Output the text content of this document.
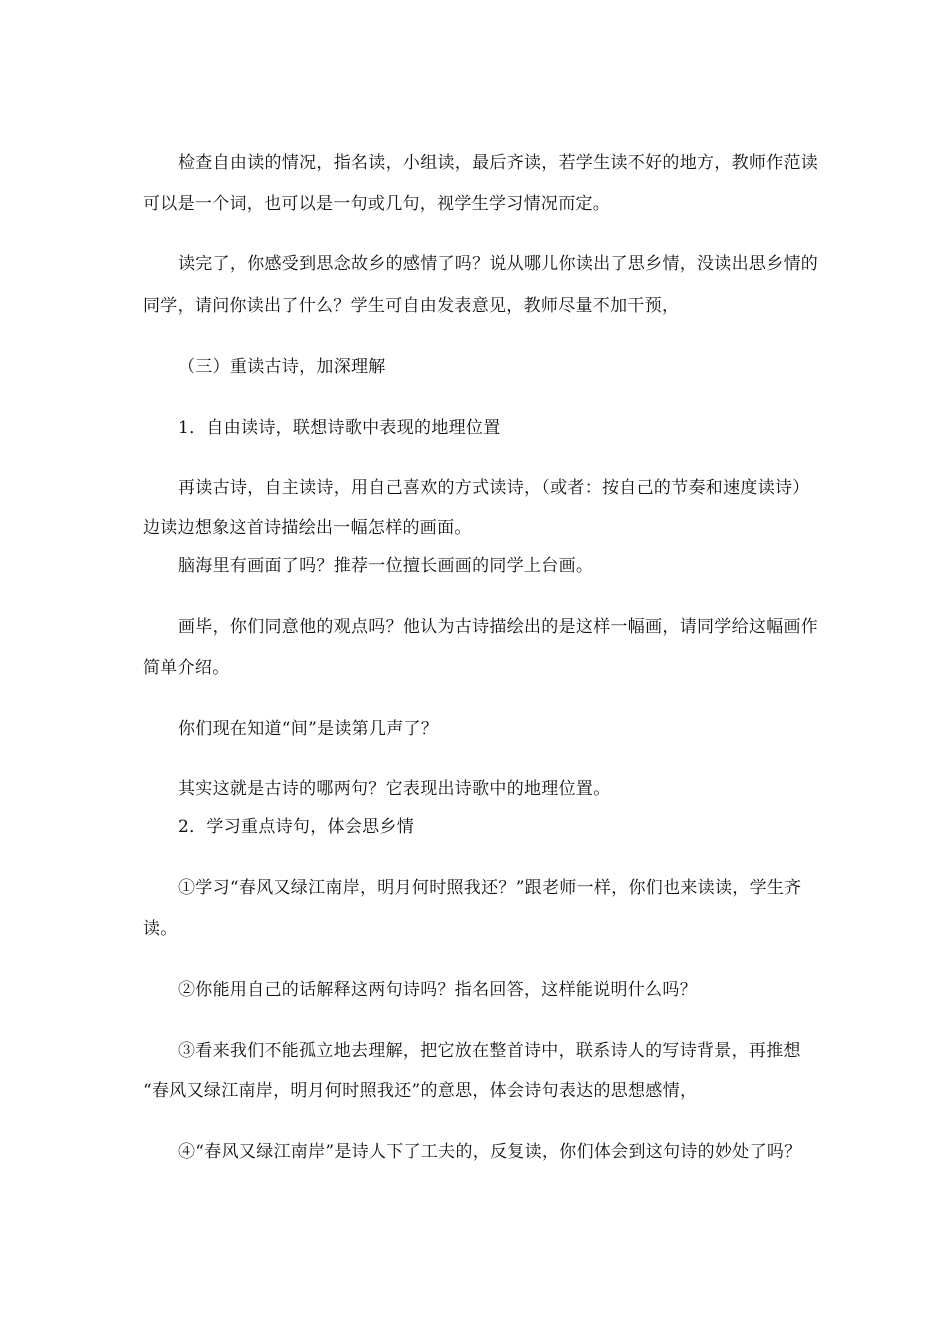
检查自由读的情况，指名读，小组读，最后齐读，若学生读不好的地方，教师作范读
可以是一个词，也可以是一句或几句，视学生学习情况而定。
读完了，你感受到思念故乡的感情了吗？说从哪儿你读出了思乡情，没读出思乡情的
同学，请问你读出了什么？学生可自由发表意见，教师尽量不加干预，
（三）重读古诗，加深理解
1．自由读诗，联想诗歌中表现的地理位置
再读古诗，自主读诗，用自己喜欢的方式读诗，（或者：按自己的节奏和速度读诗）
边读边想象这首诗描绘出一幅怎样的画面。
脑海里有画面了吗？推荐一位擅长画画的同学上台画。
画毕，你们同意他的观点吗？他认为古诗描绘出的是这样一幅画，请同学给这幅画作
简单介绍。
你们现在知道“间”是读第几声了？
其实这就是古诗的哪两句？它表现出诗歌中的地理位置。
2．学习重点诗句，体会思乡情
①学习“春风又绿江南岸，明月何时照我还？”跟老师一样，你们也来读读，学生齐
读。
②你能用自己的话解释这两句诗吗？指名回答，这样能说明什么吗？
③看来我们不能孤立地去理解，把它放在整首诗中，联系诗人的写诗背景，再推想
“春风又绿江南岸，明月何时照我还”的意思，体会诗句表达的思想感情，
④“春风又绿江南岸”是诗人下了工夫的，反复读，你们体会到这句诗的妙处了吗？
